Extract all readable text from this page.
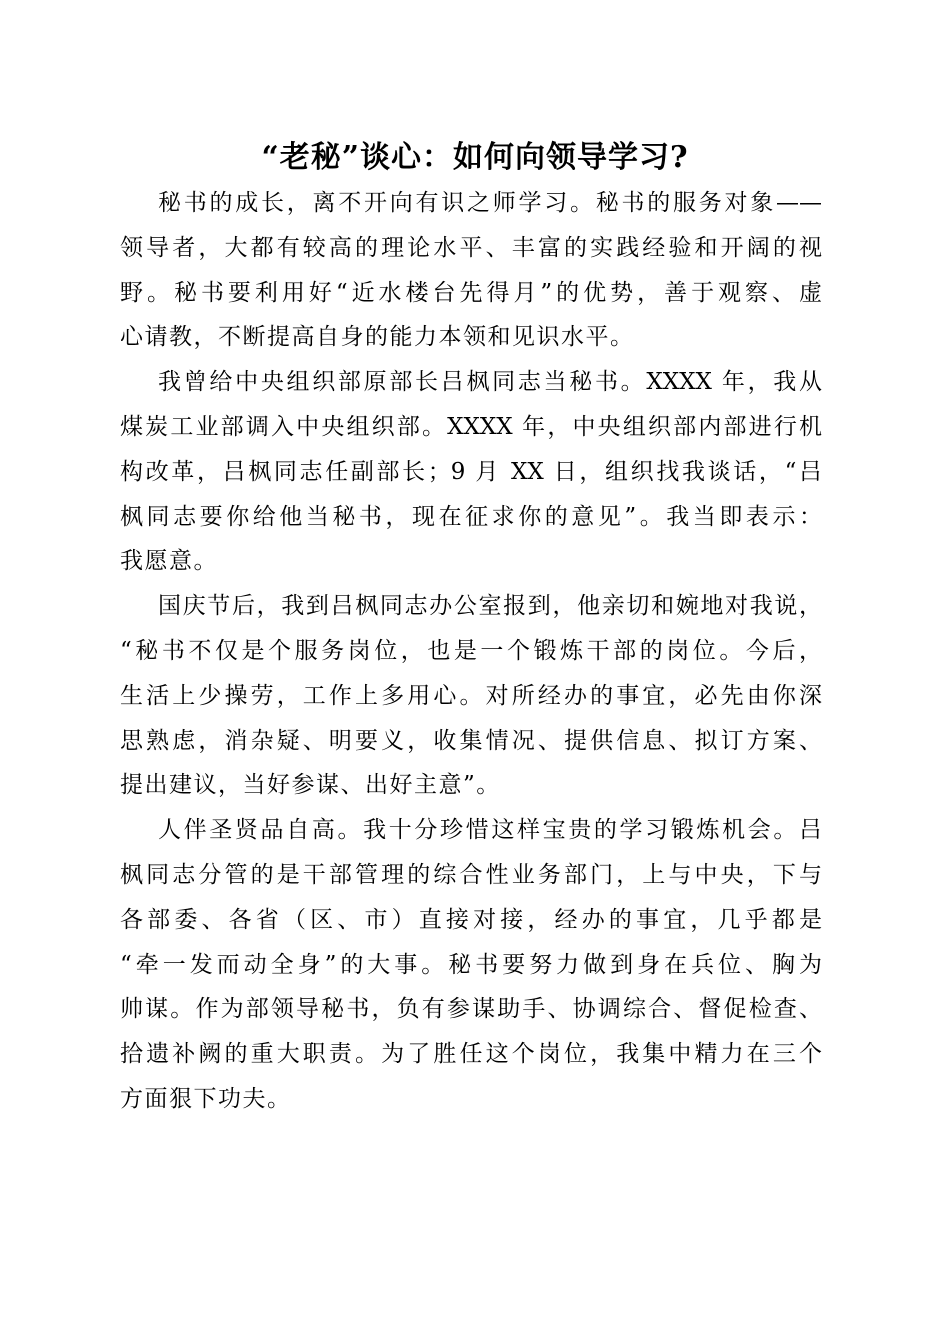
“老秘”谈心：如何向领导学习?
秘书的成长，离不开向有识之师学习。秘书的服务对象——
领导者，大都有较高的理论水平、丰富的实践经验和开阔的视
野。秘书要利用好“近水楼台先得月”的优势，善于观察、虚
心请教，不断提高自身的能力本领和见识水平。
我曾给中央组织部原部长吕枫同志当秘书。XXXX 年，我从
煤炭工业部调入中央组织部。XXXX 年，中央组织部内部进行机
构改革，吕枫同志任副部长；9 月 XX 日，组织找我谈话，“吕
枫同志要你给他当秘书，现在征求你的意见”。我当即表示：
我愿意。
国庆节后，我到吕枫同志办公室报到，他亲切和婉地对我说，
“秘书不仅是个服务岗位，也是一个锻炼干部的岗位。今后，
生活上少操劳，工作上多用心。对所经办的事宜，必先由你深
思熟虑，消杂疑、明要义，收集情况、提供信息、拟订方案、
提出建议，当好参谋、出好主意”。
人伴圣贤品自高。我十分珍惜这样宝贵的学习锻炼机会。吕
枫同志分管的是干部管理的综合性业务部门，上与中央，下与
各部委、各省（区、市）直接对接，经办的事宜，几乎都是
“牵一发而动全身”的大事。秘书要努力做到身在兵位、胸为
帅谋。作为部领导秘书，负有参谋助手、协调综合、督促检查、
拾遗补阙的重大职责。为了胜任这个岗位，我集中精力在三个
方面狠下功夫。
